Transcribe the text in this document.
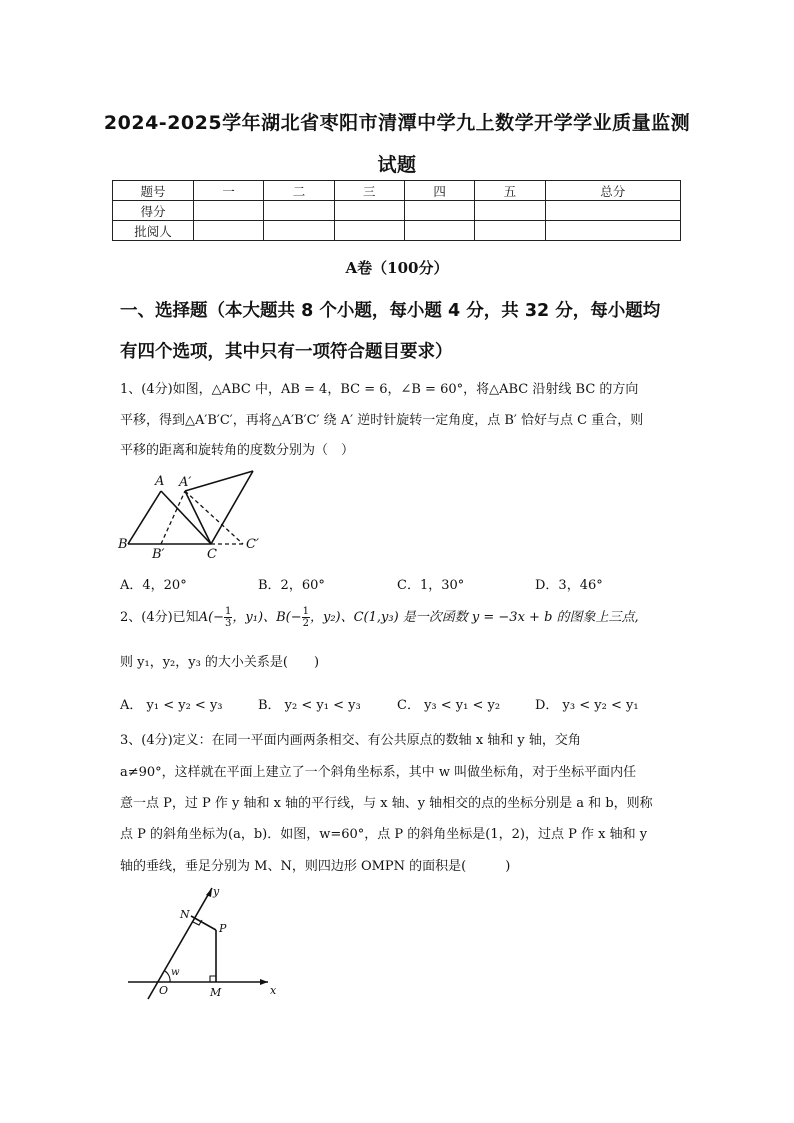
2024-2025学年湖北省枣阳市清潭中学九上数学开学学业质量监测
试题
题号	一	二	三	四	五	总分
得分						
批阅人						
A卷（100分）
一、选择题（本大题共 8 个小题，每小题 4 分，共 32 分，每小题均
有四个选项，其中只有一项符合题目要求）
1、(4分)如图，△ABC 中，AB = 4，BC = 6，∠B = 60°，将△ABC 沿射线 BC 的方向
平移，得到△A′B′C′，再将△A′B′C′ 绕 A′ 逆时针旋转一定角度，点 B′ 恰好与点 C 重合，则
平移的距离和旋转角的度数分别为（　）
A A′
B
B′	C
C′
A．4，20°	B．2，60°	C．1，30°	D．3，46°
2、(4分)已知$A(- \frac{1}{3}$ ，y₁)、$B(- \frac{1}{2}$ ，y₂)、C(1,y₃) 是一次函数 y = −3x + b 的图象上三点,
则 y₁，y₂，y₃ 的大小关系是(　　)
A． y₁ < y₂ < y₃	B． y₂ < y₁ < y₃	C． y₃ < y₁ < y₂	D． y₃ < y₂ < y₁
3、(4分)定义：在同一平面内画两条相交、有公共原点的数轴 x 轴和 y 轴，交角
a≠90°，这样就在平面上建立了一个斜角坐标系，其中 w 叫做坐标角，对于坐标平面内任
意一点 P，过 P 作 y 轴和 x 轴的平行线，与 x 轴、y 轴相交的点的坐标分别是 a 和 b，则称
点 P 的斜角坐标为(a，b)．如图，w=60°，点 P 的斜角坐标是(1，2)，过点 P 作 x 轴和 y
轴的垂线，垂足分别为 M、N，则四边形 OMPN 的面积是(　　　)
y
x
N
P
O	M
w
